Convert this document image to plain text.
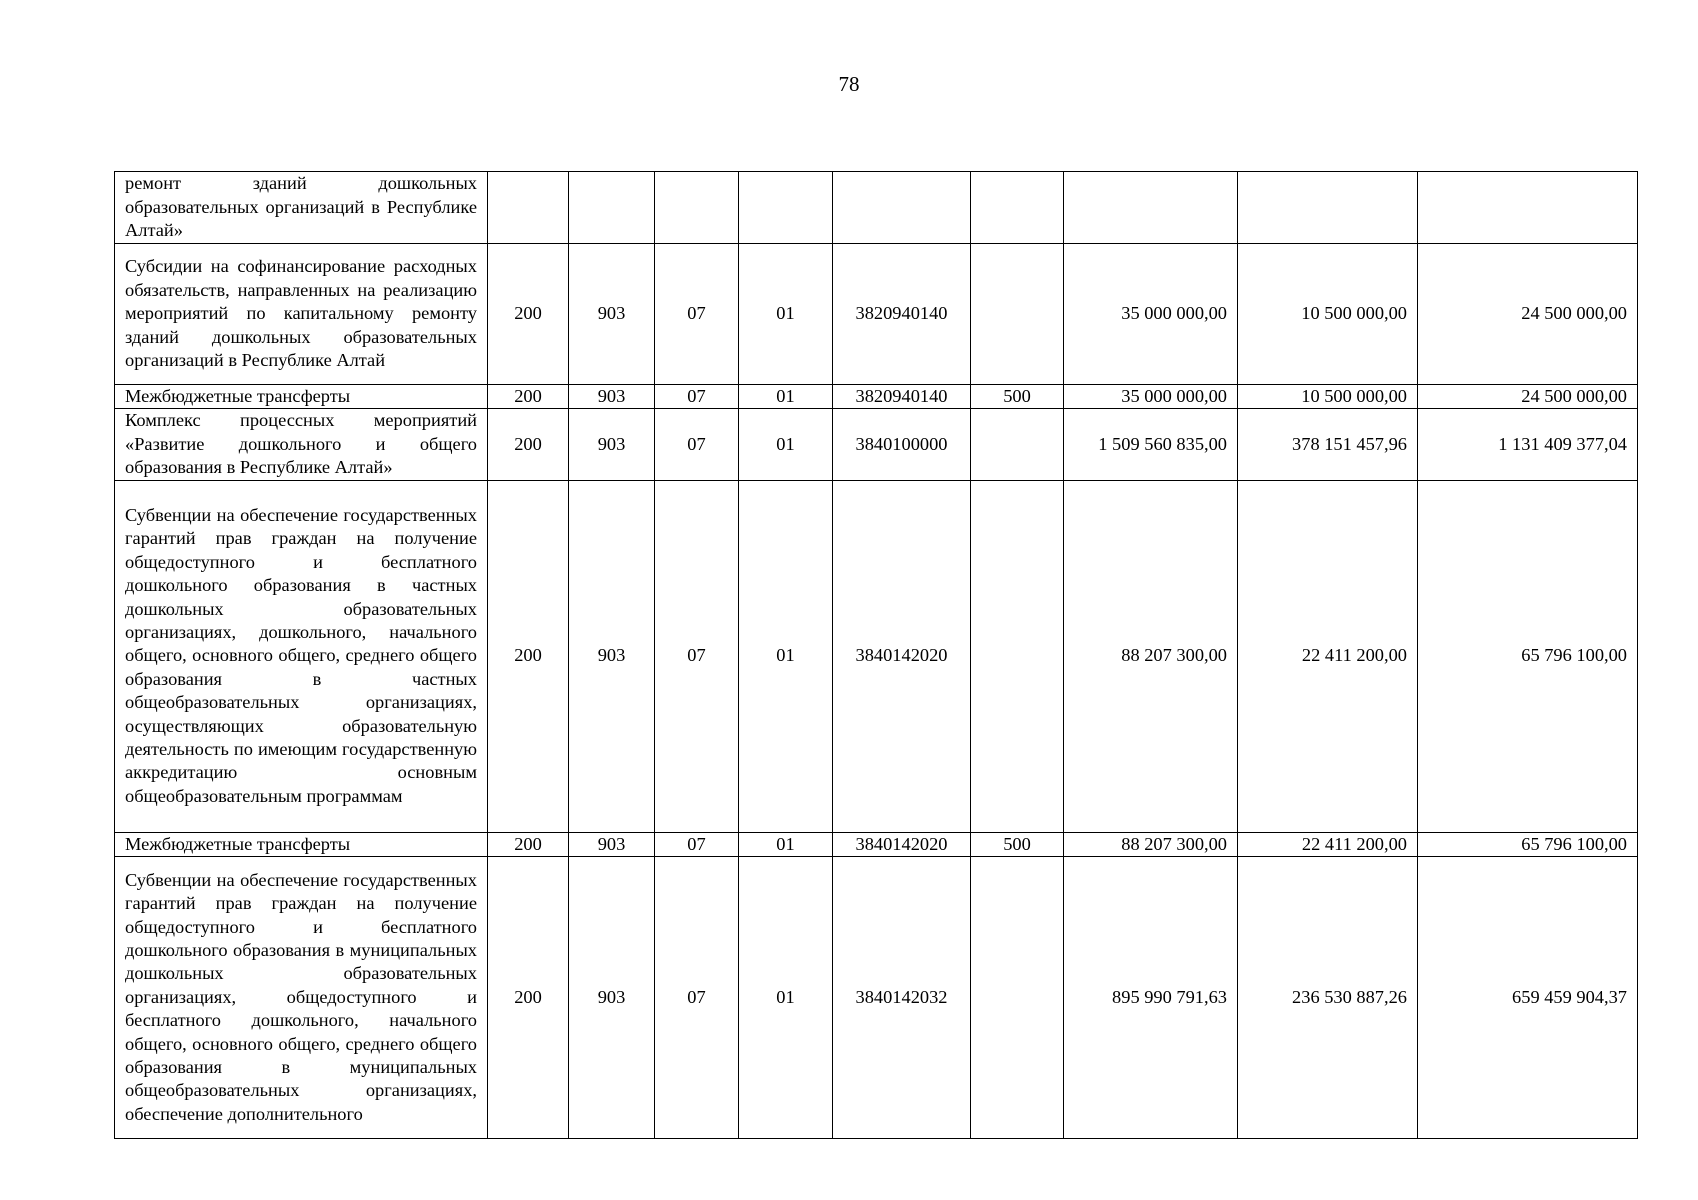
78
ремонт зданий дошкольных образовательных организаций в Республике Алтай»									
Субсидии на софинансирование расходных обязательств, направленных на реализацию мероприятий по капитальному ремонту зданий дошкольных образовательных организаций в Республике Алтай	200	903	07	01	3820940140		35 000 000,00	10 500 000,00	24 500 000,00
Межбюджетные трансферты	200	903	07	01	3820940140	500	35 000 000,00	10 500 000,00	24 500 000,00
Комплекс процессных мероприятий «Развитие дошкольного и общего образования в Республике Алтай»	200	903	07	01	3840100000		1 509 560 835,00	378 151 457,96	1 131 409 377,04
Субвенции на обеспечение государственных гарантий прав граждан на получение общедоступного и бесплатного дошкольного образования в частных дошкольных образовательных организациях, дошкольного, начального общего, основного общего, среднего общего образования в частных общеобразовательных организациях, осуществляющих образовательную деятельность по имеющим государственную аккредитацию основным общеобразовательным программам	200	903	07	01	3840142020		88 207 300,00	22 411 200,00	65 796 100,00
Межбюджетные трансферты	200	903	07	01	3840142020	500	88 207 300,00	22 411 200,00	65 796 100,00
Субвенции на обеспечение государственных гарантий прав граждан на получение общедоступного и бесплатного дошкольного образования в муниципальных дошкольных образовательных организациях, общедоступного и бесплатного дошкольного, начального общего, основного общего, среднего общего образования в муниципальных общеобразовательных организациях, обеспечение дополнительного	200	903	07	01	3840142032		895 990 791,63	236 530 887,26	659 459 904,37
